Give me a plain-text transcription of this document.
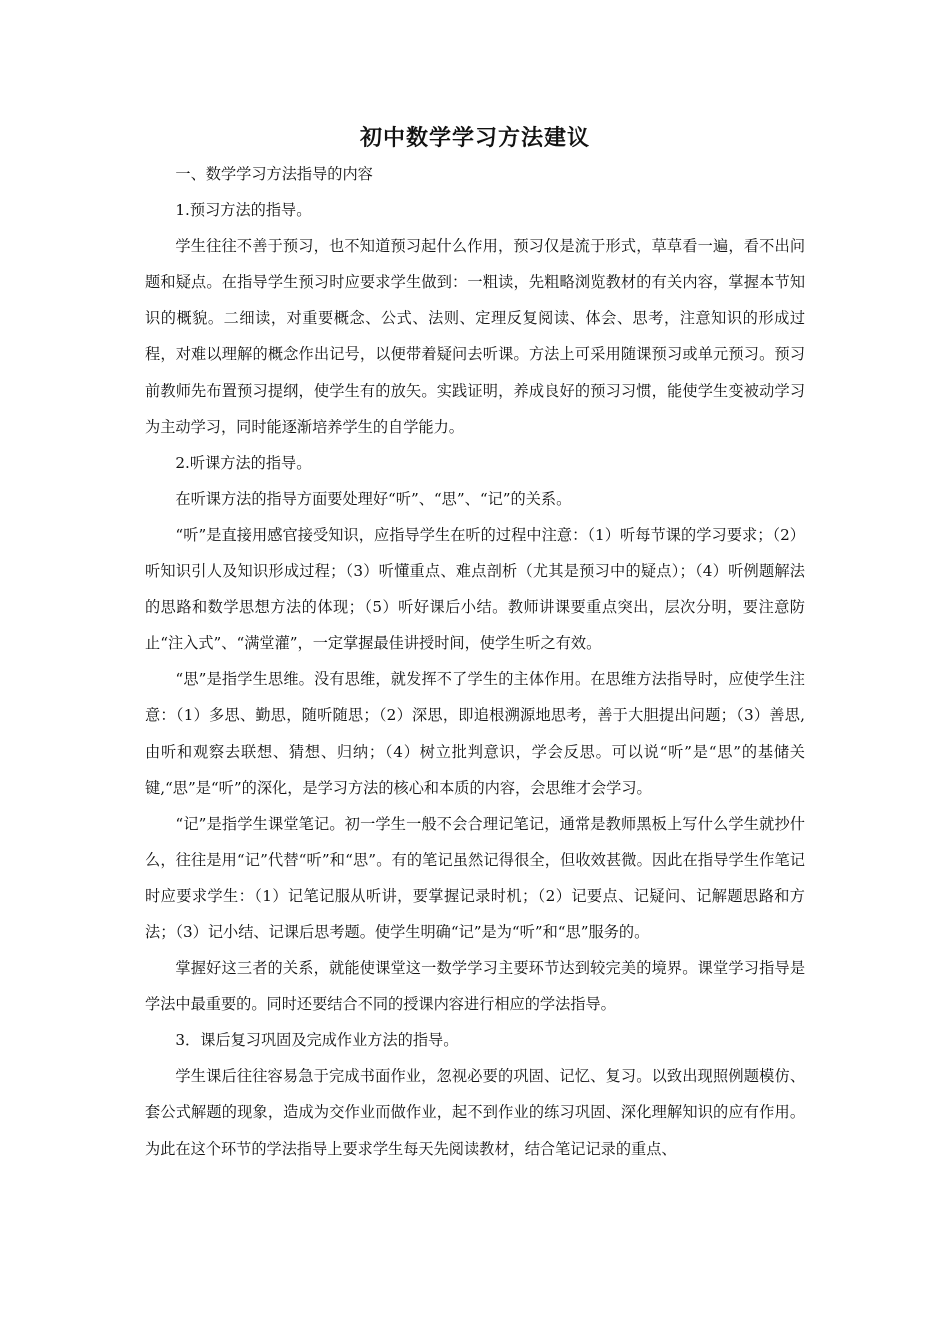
初中数学学习方法建议

一、数学学习方法指导的内容

1.预习方法的指导。

学生往往不善于预习，也不知道预习起什么作用，预习仅是流于形式，草草看一遍，看不出问题和疑点。在指导学生预习时应要求学生做到：一粗读，先粗略浏览教材的有关内容，掌握本节知识的概貌。二细读，对重要概念、公式、法则、定理反复阅读、体会、思考，注意知识的形成过程，对难以理解的概念作出记号，以便带着疑问去听课。方法上可采用随课预习或单元预习。预习前教师先布置预习提纲，使学生有的放矢。实践证明，养成良好的预习习惯，能使学生变被动学习为主动学习，同时能逐渐培养学生的自学能力。

2.听课方法的指导。

在听课方法的指导方面要处理好“听”、“思”、“记”的关系。

“听”是直接用感官接受知识，应指导学生在听的过程中注意：（1）听每节课的学习要求；（2）听知识引人及知识形成过程；（3）听懂重点、难点剖析（尤其是预习中的疑点）；（4）听例题解法的思路和数学思想方法的体现；（5）听好课后小结。教师讲课要重点突出，层次分明，要注意防止“注入式”、“满堂灌”，一定掌握最佳讲授时间，使学生听之有效。

“思”是指学生思维。没有思维，就发挥不了学生的主体作用。在思维方法指导时，应使学生注意：（1）多思、勤思，随听随思；（2）深思，即追根溯源地思考，善于大胆提出问题；（3）善思,由听和观察去联想、猜想、归纳；（4）树立批判意识，学会反思。可以说“听”是“思”的基储关键,“思”是“听”的深化，是学习方法的核心和本质的内容，会思维才会学习。

“记”是指学生课堂笔记。初一学生一般不会合理记笔记，通常是教师黑板上写什么学生就抄什么，往往是用“记”代替“听”和“思”。有的笔记虽然记得很全，但收效甚微。因此在指导学生作笔记时应要求学生：（1）记笔记服从听讲，要掌握记录时机；（2）记要点、记疑问、记解题思路和方法；（3）记小结、记课后思考题。使学生明确“记”是为“听”和“思”服务的。

掌握好这三者的关系，就能使课堂这一数学学习主要环节达到较完美的境界。课堂学习指导是学法中最重要的。同时还要结合不同的授课内容进行相应的学法指导。

3．课后复习巩固及完成作业方法的指导。

学生课后往往容易急于完成书面作业，忽视必要的巩固、记忆、复习。以致出现照例题模仿、套公式解题的现象，造成为交作业而做作业，起不到作业的练习巩固、深化理解知识的应有作用。为此在这个环节的学法指导上要求学生每天先阅读教材，结合笔记记录的重点、
